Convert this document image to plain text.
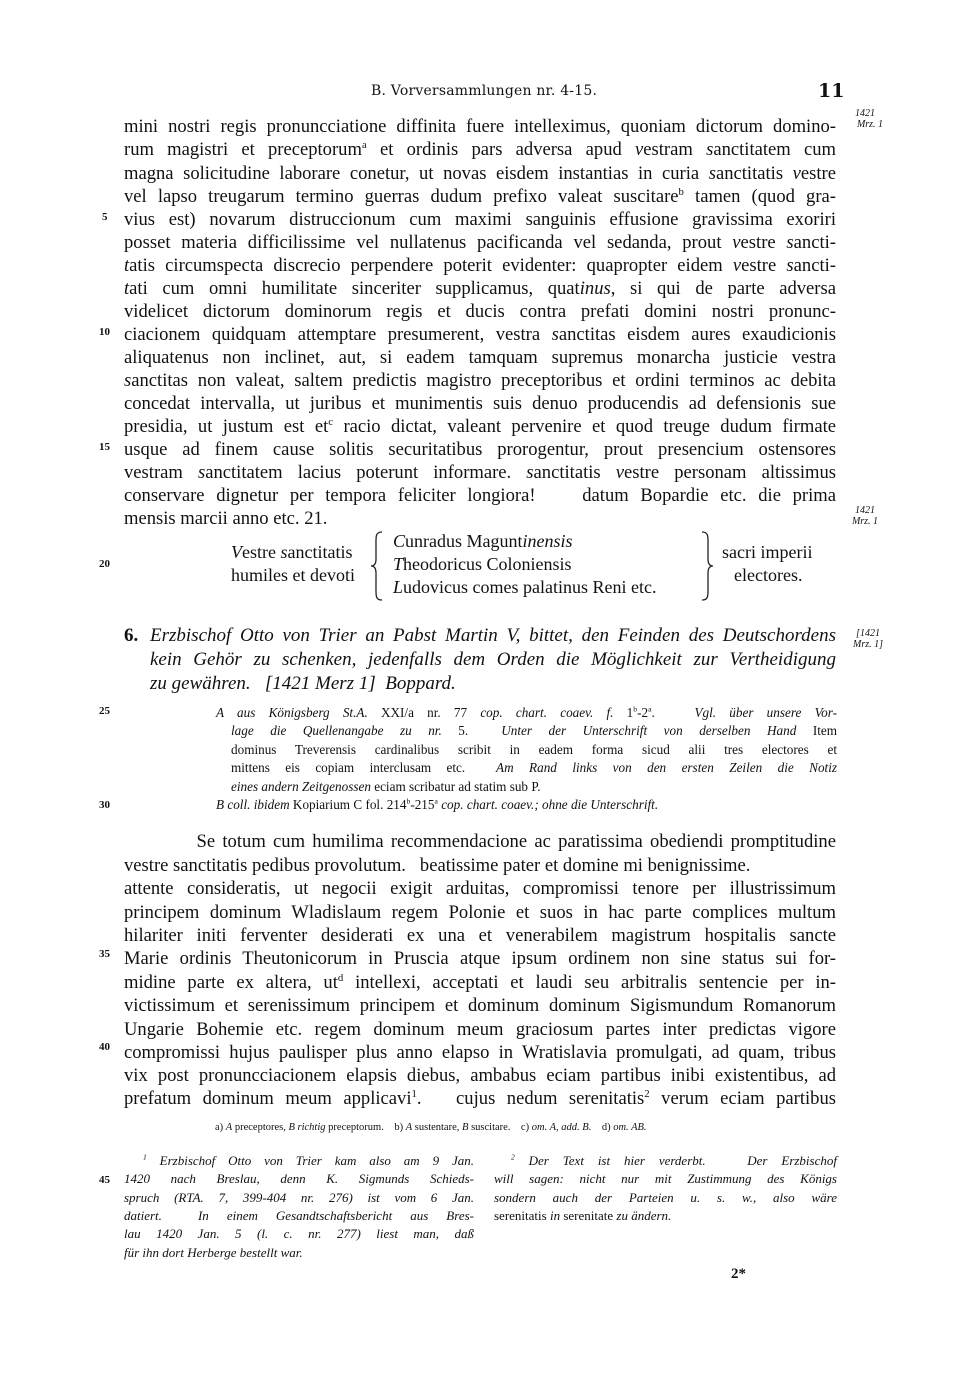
B. Vorversammlungen nr. 4-15.	11
5
10
15
20
25
30
35
40
45
1421
Mrz. 1
1421
Mrz. 1
[1421
Mrz. 1]
mini nostri regis pronuncciatione diffinita fuere intelleximus, quoniam dictorum domino-
rum magistri et preceptorum$^a$ et ordinis pars adversa apud vestram sanctitatem cum
magna solicitudine laborare conetur, ut novas eisdem instantias in curia sanctitatis vestre
vel lapso treugarum termino guerras dudum prefixo valeat suscitare$^b$ tamen (quod gra-
vius est) novarum distruccionum cum maximi sanguinis effusione gravissima exoriri
posset materia difficilissime vel nullatenus pacificanda vel sedanda, prout vestre sancti-
tatis circumspecta discrecio perpendere poterit evidenter: quapropter eidem vestre sancti-
tati cum omni humilitate sinceriter supplicamus, quatinus, si qui de parte adversa
videlicet dictorum dominorum regis et ducis contra prefati domini nostri pronunc-
ciacionem quidquam attemptare presumerent, vestra sanctitas eisdem aures exaudicionis
aliquatenus non inclinet, aut, si eadem tamquam supremus monarcha justicie vestra
sanctitas non valeat, saltem predictis magistro preceptoribus et ordini terminos ac debita
concedat intervalla, ut juribus et munimentis suis denuo producendis ad defensionis sue
presidia, ut justum est $et^c$ racio dictat, valeant pervenire et quod treuge dudum firmate
usque ad finem cause solitis securitatibus prorogentur, prout presencium ostensores
vestram sanctitatem lacius poterunt informare. sanctitatis vestre personam altissimus
conservare dignetur per tempora feliciter longiora!    datum Bopardie etc. die prima
mensis marcii anno etc. 21.
Vestre sanctitatis
humiles et devoti
Cunradus Maguntinensis
Theodoricus Coloniensis
Ludovicus comes palatinus Reni etc.
sacri imperii
electores.
6. Erzbischof Otto von Trier an Pabst Martin V, bittet, den Feinden des Deutschordens
kein Gehör zu schenken, jedenfalls dem Orden die Möglichkeit zur Vertheidigung
zu gewähren.   [1421 Merz 1]  Boppard.
A aus Königsberg St.A. XXI/a nr. 77 cop. chart. coaev. f. 1$^b$-2$^a$.   Vgl. über unsere Vor-
lage die Quellenangabe zu nr. 5.  Unter der Unterschrift von derselben Hand Item
dominus Treverensis cardinalibus scribit in eadem forma sicud alii tres electores et
mittens eis copiam interclusam etc.  Am Rand links von den ersten Zeilen die Notiz
eines andern Zeitgenossen eciam scribatur ad statim sub P.
B coll. ibidem Kopiarium C fol. 214$^b$-215$^a$ cop. chart. coaev.; ohne die Unterschrift.
Se totum cum humilima recommendacione ac paratissima obediendi promptitudine
vestre sanctitatis pedibus provolutum.   beatissime pater et domine mi benignissime.
attente consideratis, ut negocii exigit arduitas, compromissi tenore per illustrissimum
principem dominum Wladislaum regem Polonie et suos in hac parte complices multum
hilariter initi ferventer desiderati ex una et venerabilem magistrum hospitalis sancte
Marie ordinis Theutonicorum in Pruscia atque ipsum ordinem non sine status sui for-
midine parte ex altera, $ut^d$ intellexi, acceptati et laudi seu arbitralis sentencie per in-
victissimum et serenissimum principem et dominum dominum Sigismundum Romanorum
Ungarie Bohemie etc. regem dominum meum graciosum partes inter predictas vigore
compromissi hujus paulisper plus anno elapso in Wratislavia promulgati, ad quam, tribus
vix post pronuncciacionem elapsis diebus, ambabus eciam partibus inibi existentibus, ad
prefatum dominum meum applicavi$^1$.   cujus nedum serenitatis$^2$ verum eciam partibus
a) A preceptores, B richtig preceptorum.    b) A sustentare, B suscitare.    c) om. A, add. B.    d) om. AB.
$^1$ Erzbischof Otto von Trier kam also am 9 Jan.
1420 nach Breslau, denn K. Sigmunds Schieds-
spruch (RTA. 7, 399-404 nr. 276) ist vom 6 Jan.
datiert.  In einem Gesandtschaftsbericht aus Bres-
lau 1420 Jan. 5 (l. c. nr. 277) liest man, daß
für ihn dort Herberge bestellt war.
$^2$ Der Text ist hier verderbt.   Der Erzbischof
will sagen: nicht nur mit Zustimmung des Königs
sondern auch der Parteien u. s. w., also wäre
serenitatis in serenitate zu ändern.
2*
